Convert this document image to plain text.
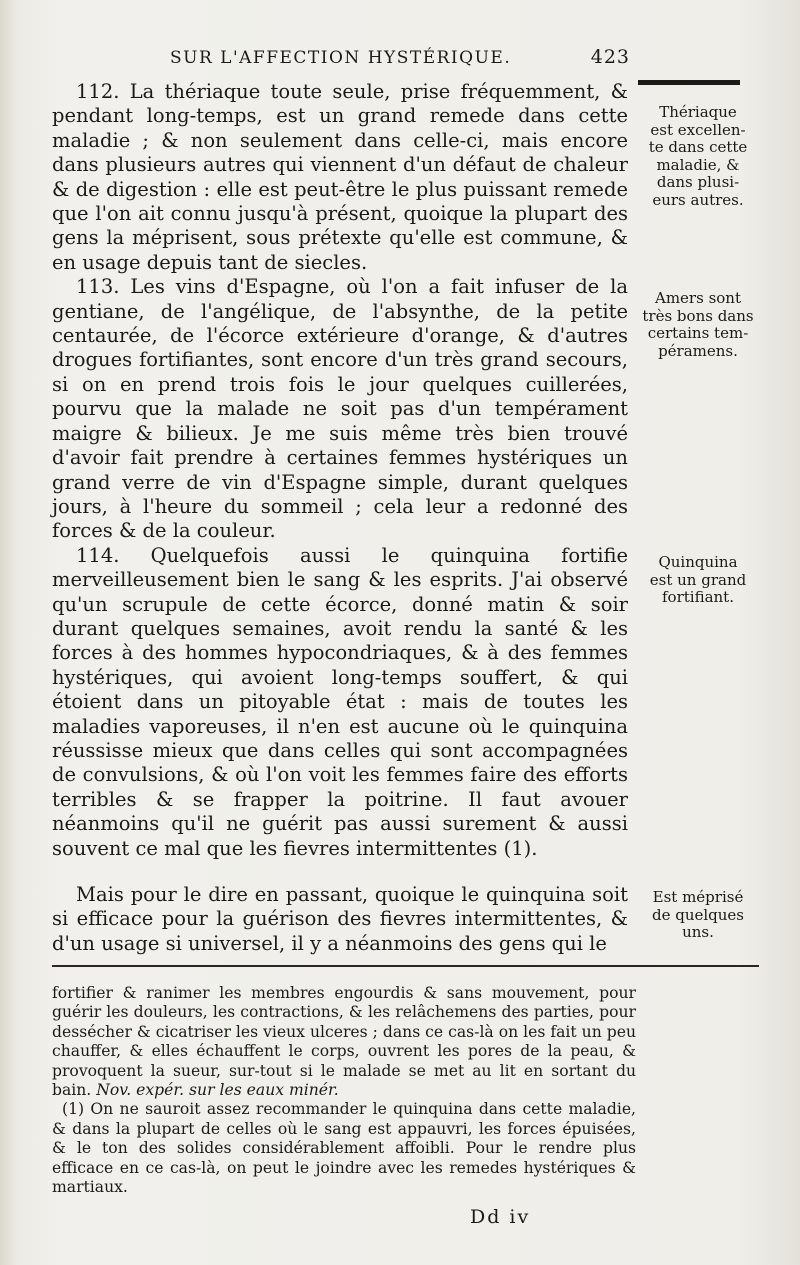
SUR L'AFFECTION HYSTÉRIQUE.	423

112. La thériaque toute seule, prise fréquemment, & pendant long-temps, est un grand remede dans cette maladie ; & non seulement dans celle-ci, mais encore dans plusieurs autres qui viennent d'un défaut de chaleur & de digestion : elle est peut-être le plus puissant remede que l'on ait connu jusqu'à présent, quoique la plupart des gens la méprisent, sous prétexte qu'elle est commune, & en usage depuis tant de siecles.

113. Les vins d'Espagne, où l'on a fait infuser de la gentiane, de l'angélique, de l'absynthe, de la petite centaurée, de l'écorce extérieure d'orange, & d'autres drogues fortifiantes, sont encore d'un très grand secours, si on en prend trois fois le jour quelques cuillerées, pourvu que la malade ne soit pas d'un tempérament maigre & bilieux. Je me suis même très bien trouvé d'avoir fait prendre à certaines femmes hystériques un grand verre de vin d'Espagne simple, durant quelques jours, à l'heure du sommeil ; cela leur a redonné des forces & de la couleur.

114. Quelquefois aussi le quinquina fortifie merveilleusement bien le sang & les esprits. J'ai observé qu'un scrupule de cette écorce, donné matin & soir durant quelques semaines, avoit rendu la santé & les forces à des hommes hypocondriaques, & à des femmes hystériques, qui avoient long-temps souffert, & qui étoient dans un pitoyable état : mais de toutes les maladies vaporeuses, il n'en est aucune où le quinquina réussisse mieux que dans celles qui sont accompagnées de convulsions, & où l'on voit les femmes faire des efforts terribles & se frapper la poitrine. Il faut avouer néanmoins qu'il ne guérit pas aussi surement & aussi souvent ce mal que les fievres intermittentes (1).

Mais pour le dire en passant, quoique le quinquina soit si efficace pour la guérison des fievres intermittentes, & d'un usage si universel, il y a néanmoins des gens qui le

Thériaque
est excellen-
te dans cette
maladie, &
dans plusi-
eurs autres.
Amers sont
très bons dans
certains tem-
péramens.
Quinquina
est un grand
fortifiant.
Est méprisé
de quelques
uns.

fortifier & ranimer les membres engourdis & sans mouvement, pour guérir les douleurs, les contractions, & les relâchemens des parties, pour dessécher & cicatriser les vieux ulceres ; dans ce cas-là on les fait un peu chauffer, & elles échauffent le corps, ouvrent les pores de la peau, & provoquent la sueur, sur-tout si le malade se met au lit en sortant du bain. Nov. expér. sur les eaux minér.

(1) On ne sauroit assez recommander le quinquina dans cette maladie, & dans la plupart de celles où le sang est appauvri, les forces épuisées, & le ton des solides considérablement affoibli. Pour le rendre plus efficace en ce cas-là, on peut le joindre avec les remedes hystériques & martiaux.

Dd iv
